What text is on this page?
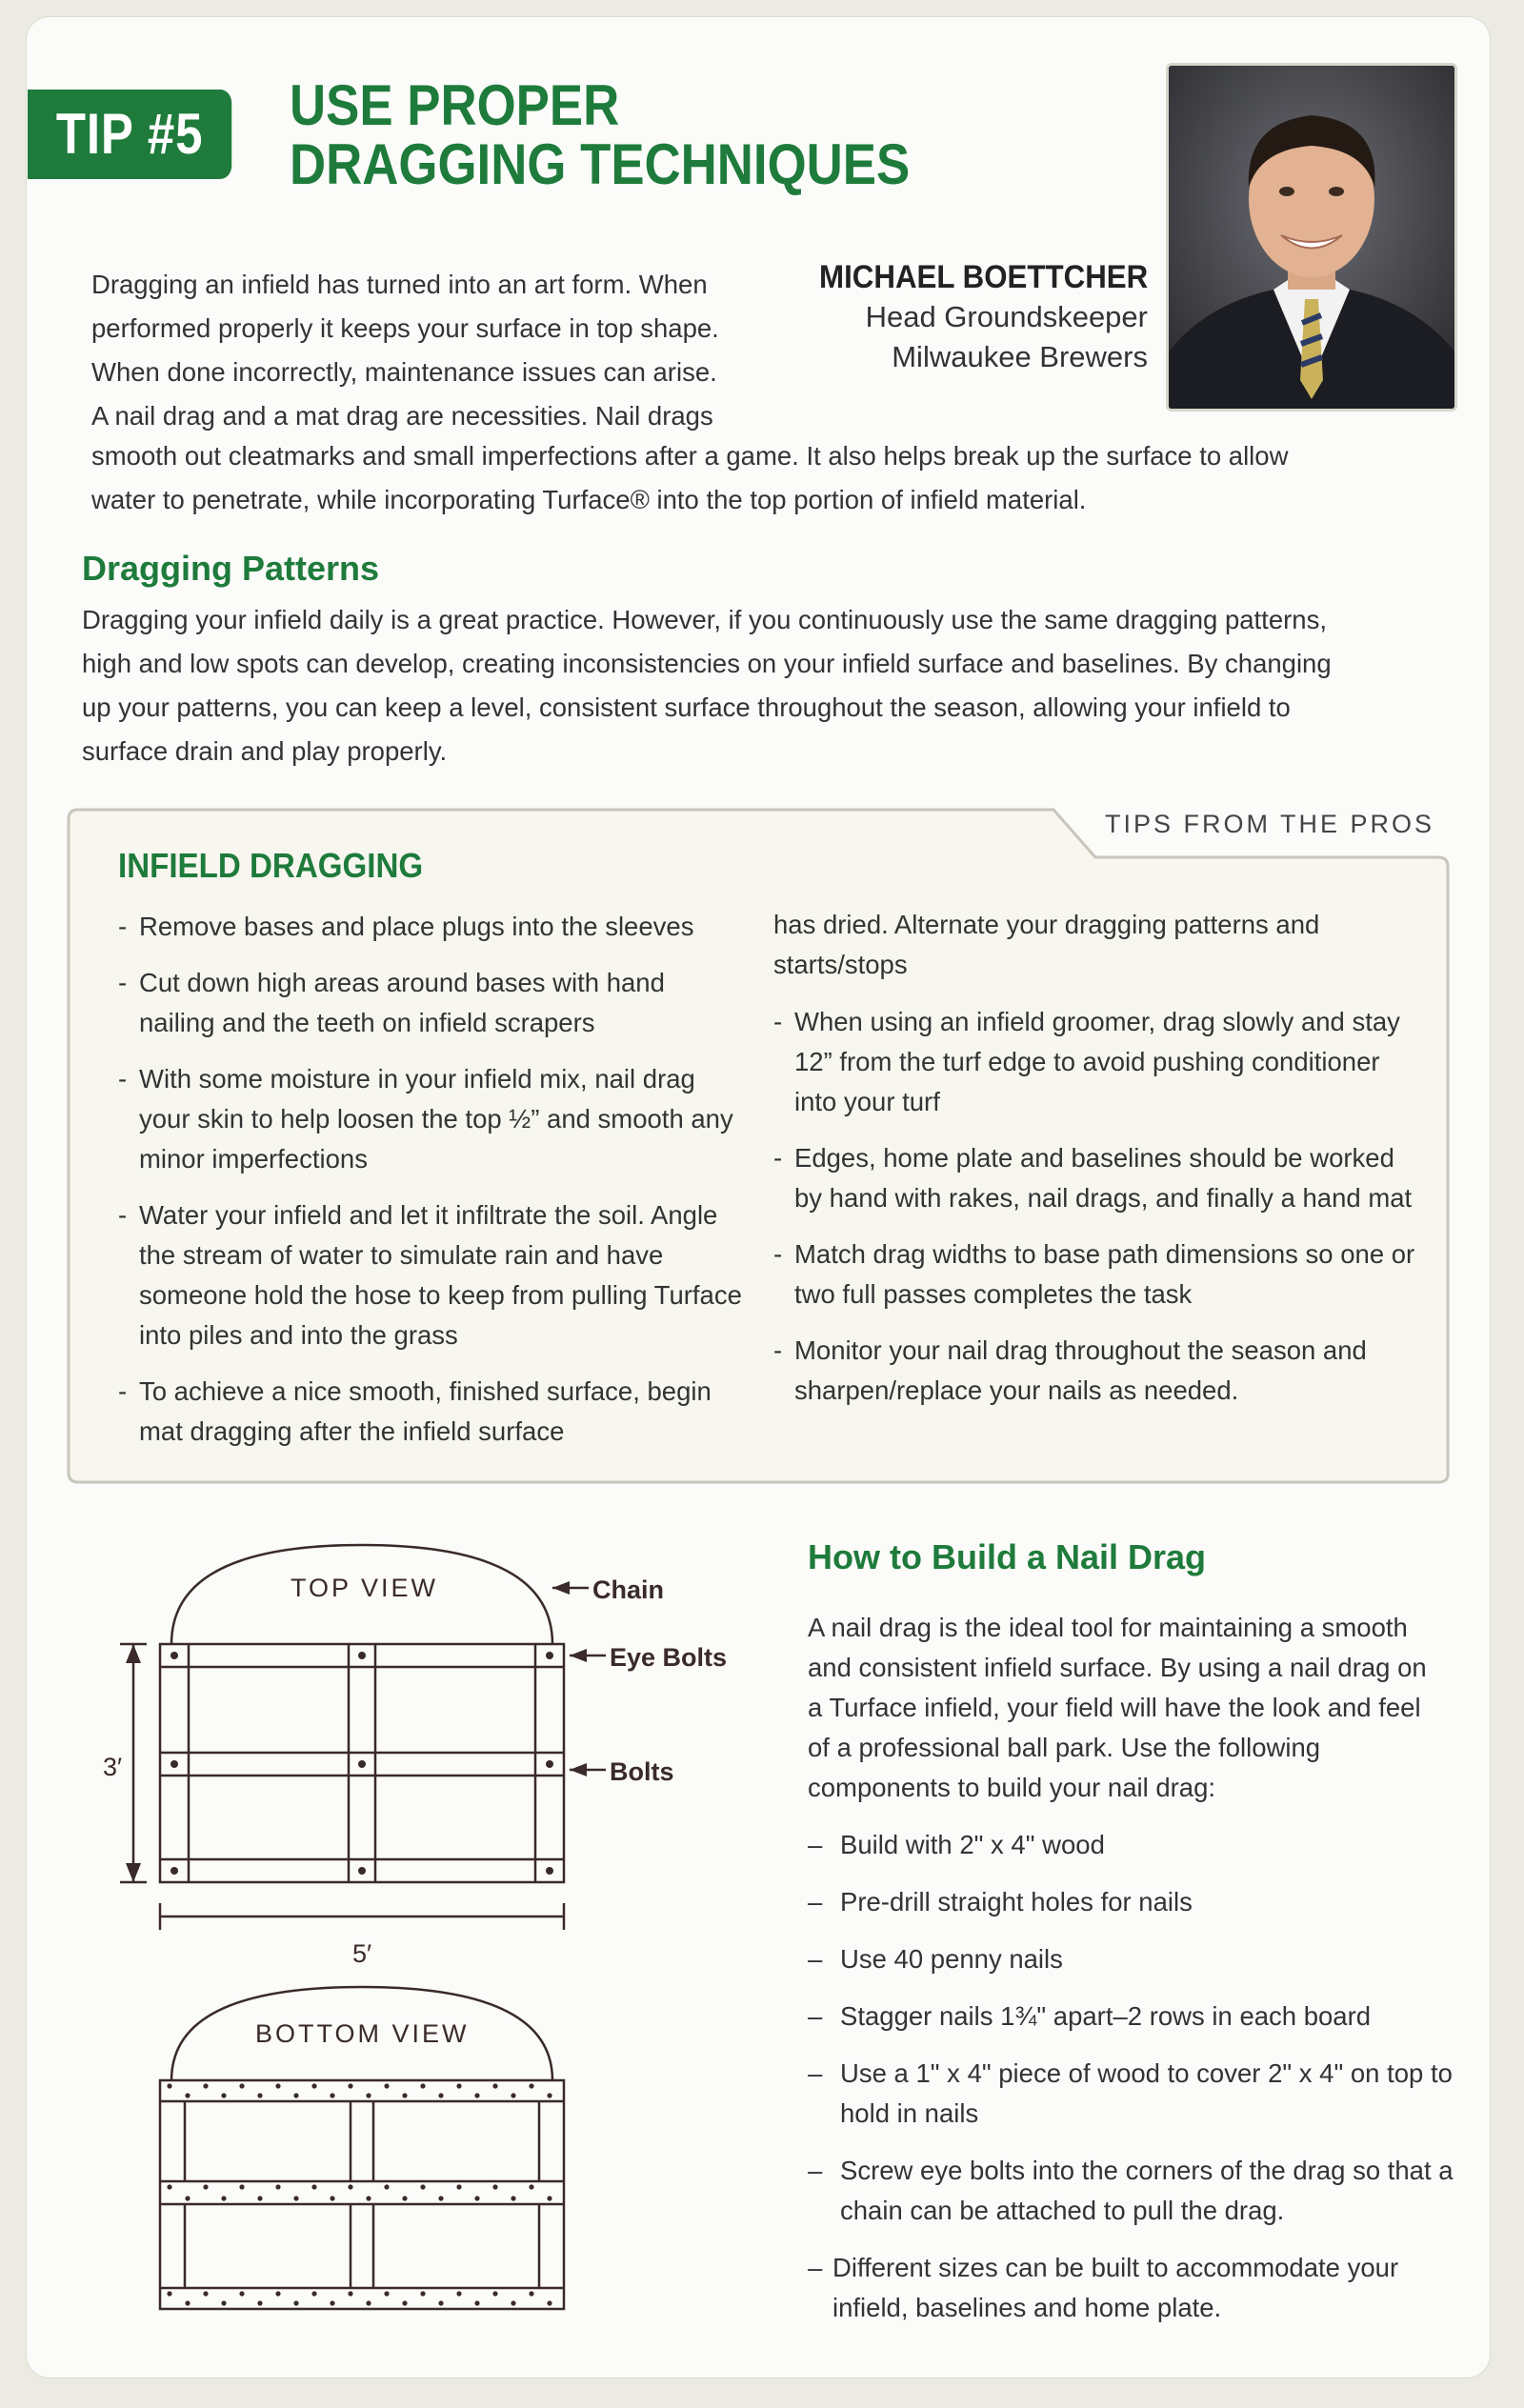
TIP #5	USE PROPER
DRAGGING TECHNIQUES
MICHAEL BOETTCHER
Head Groundskeeper
Milwaukee Brewers
Dragging an infield has turned into an art form. When
performed properly it keeps your surface in top shape.
When done incorrectly, maintenance issues can arise.
A nail drag and a mat drag are necessities. Nail drags
smooth out cleatmarks and small imperfections after a game. It also helps break up the surface to allow
water to penetrate, while incorporating Turface® into the top portion of infield material.
Dragging Patterns
Dragging your infield daily is a great practice. However, if you continuously use the same dragging patterns,
high and low spots can develop, creating inconsistencies on your infield surface and baselines. By changing
up your patterns, you can keep a level, consistent surface throughout the season, allowing your infield to
surface drain and play properly.
TIPS FROM THE PROS
INFIELD DRAGGING
- Remove bases and place plugs into the sleeves
- Cut down high areas around bases with hand nailing and the teeth on infield scrapers
- With some moisture in your infield mix, nail drag your skin to help loosen the top ½” and smooth any minor imperfections
- Water your infield and let it infiltrate the soil. Angle the stream of water to simulate rain and have someone hold the hose to keep from pulling Turface into piles and into the grass
- To achieve a nice smooth, finished surface, begin mat dragging after the infield surface
has dried. Alternate your dragging patterns and starts/stops
- When using an infield groomer, drag slowly and stay 12” from the turf edge to avoid pushing conditioner into your turf
- Edges, home plate and baselines should be worked by hand with rakes, nail drags, and finally a hand mat
- Match drag widths to base path dimensions so one or two full passes completes the task
- Monitor your nail drag throughout the season and sharpen/replace your nails as needed.
TOP VIEW	Chain
Eye Bolts
Bolts
3′
5′
BOTTOM VIEW
How to Build a Nail Drag
A nail drag is the ideal tool for maintaining a smooth and consistent infield surface. By using a nail drag on a Turface infield, your field will have the look and feel of a professional ball park. Use the following components to build your nail drag:
– Build with 2" x 4" wood
– Pre-drill straight holes for nails
– Use 40 penny nails
– Stagger nails 1¾" apart–2 rows in each board
– Use a 1" x 4" piece of wood to cover 2" x 4" on top to hold in nails
– Screw eye bolts into the corners of the drag so that a chain can be attached to pull the drag.
– Different sizes can be built to accommodate your infield, baselines and home plate.
